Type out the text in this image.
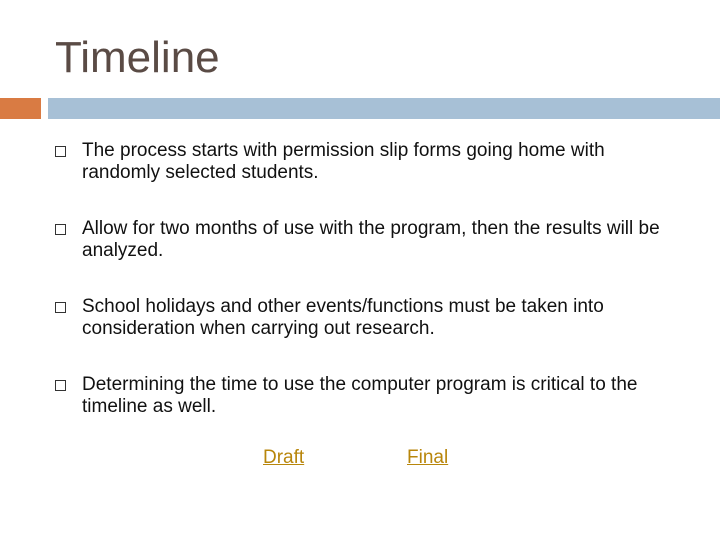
Timeline
The process starts with permission slip forms going home with randomly selected students.
Allow for two months of use with the program, then the results will be analyzed.
School holidays and other events/functions must be taken into consideration when carrying out research.
Determining the time to use the computer program is critical to the timeline as well.
Draft	Final
